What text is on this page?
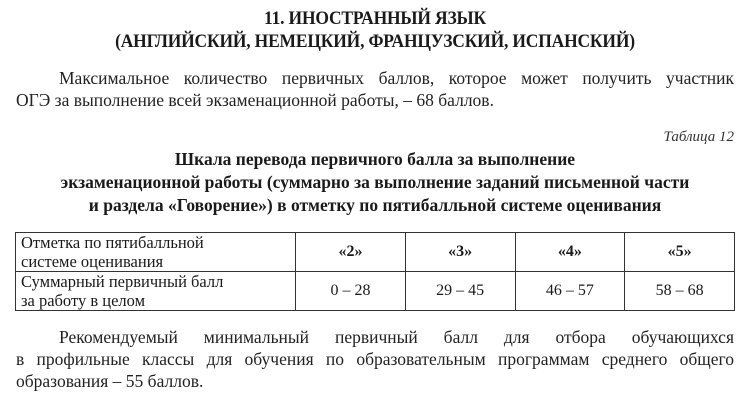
11. ИНОСТРАННЫЙ ЯЗЫК
(АНГЛИЙСКИЙ, НЕМЕЦКИЙ, ФРАНЦУЗСКИЙ, ИСПАНСКИЙ)
Максимальное количество первичных баллов, которое может получить участник
ОГЭ за выполнение всей экзаменационной работы, – 68 баллов.
Таблица 12
Шкала перевода первичного балла за выполнение
экзаменационной работы (суммарно за выполнение заданий письменной части
и раздела «Говорение») в отметку по пятибалльной системе оценивания
Отметка по пятибалльной
системе оценивания	«2»	«3»	«4»	«5»

Суммарный первичный балл
за работу в целом	0 – 28	29 – 45	46 – 57	58 – 68
Рекомендуемый минимальный первичный балл для отбора обучающихся
в профильные классы для обучения по образовательным программам среднего общего
образования – 55 баллов.
